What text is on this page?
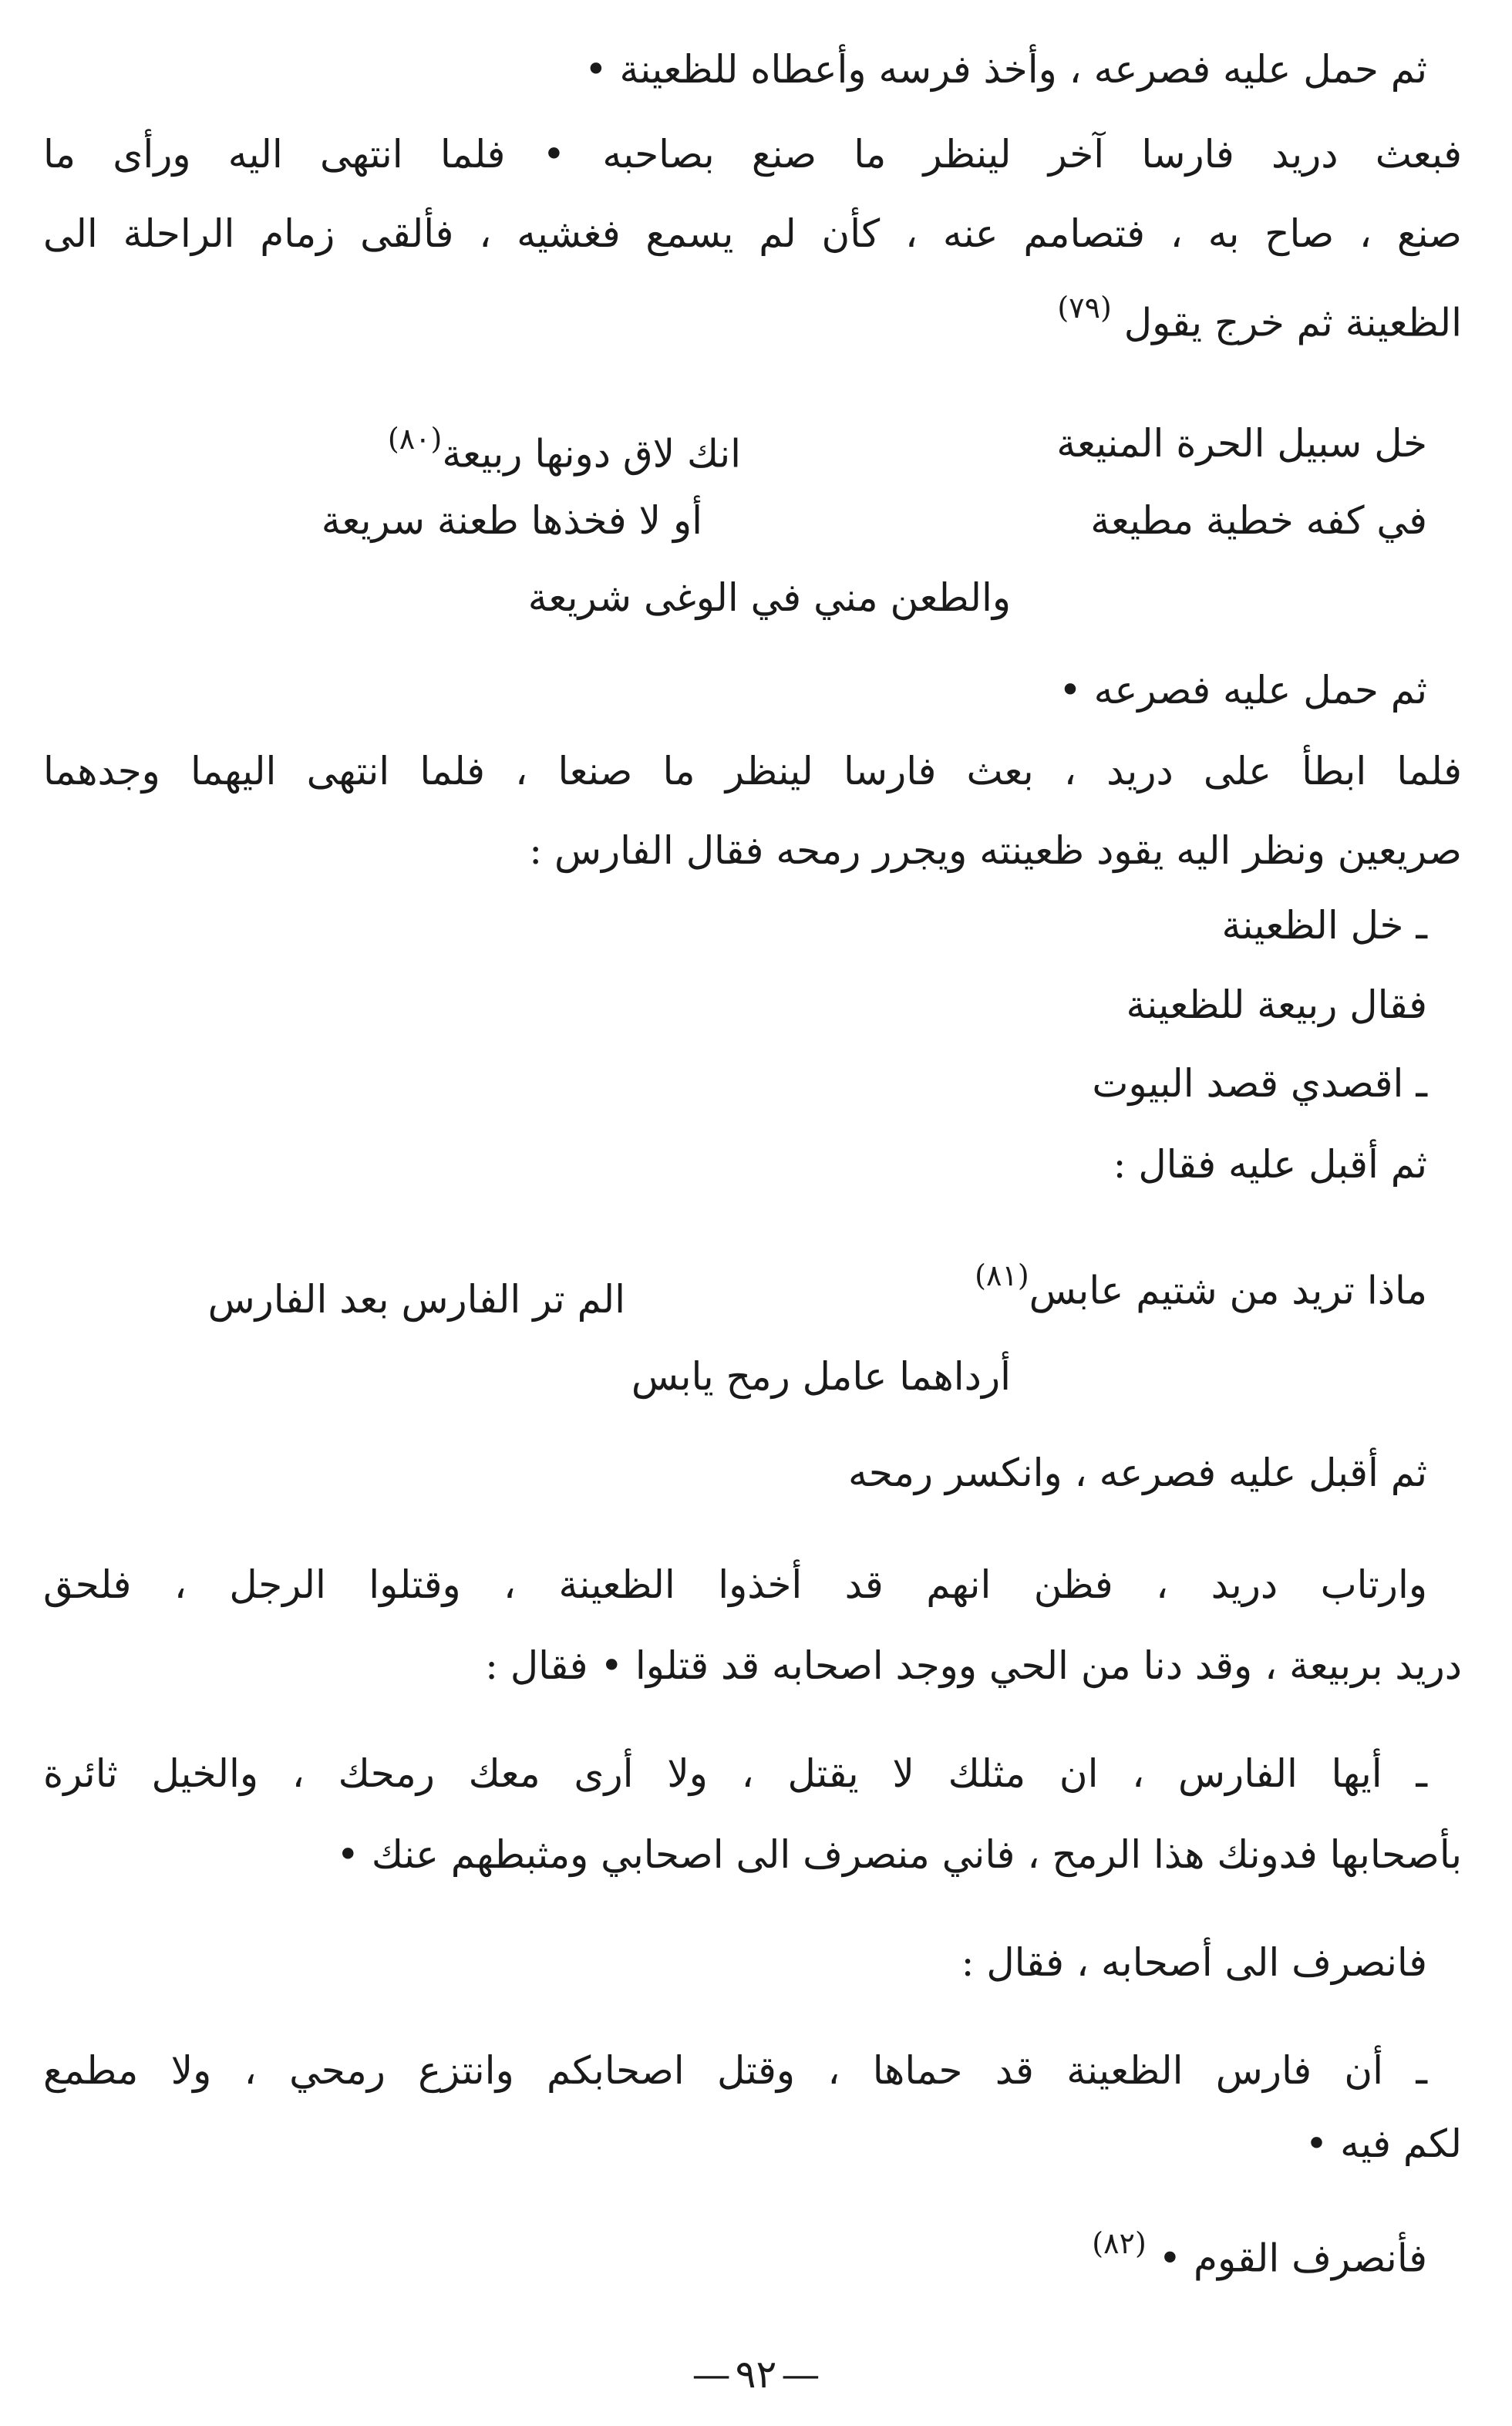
ثم حمل عليه فصرعه ، وأخذ فرسه وأعطاه للظعينة •
فبعث دريد فارسا آخر لينظر ما صنع بصاحبه • فلما انتهى اليه ورأى ما
صنع ، صاح به ، فتصامم عنه ، كأن لم يسمع فغشيه ، فألقى زمام الراحلة الى
الظعينة ثم خرج يقول $^{(٧٩)}$
خل سبيل الحرة المنيعة
انك لاق دونها ربيعة$^{(٨٠)}$
في كفه خطية مطيعة
أو لا فخذها طعنة سريعة
والطعن مني في الوغى شريعة
ثم حمل عليه فصرعه •
فلما ابطأ على دريد ، بعث فارسا لينظر ما صنعا ، فلما انتهى اليهما وجدهما
صريعين ونظر اليه يقود ظعينته ويجرر رمحه فقال الفارس :
ـ خل الظعينة
فقال ربيعة للظعينة
ـ اقصدي قصد البيوت
ثم أقبل عليه فقال :
ماذا تريد من شتيم عابس$^{(٨١)}$
الم تر الفارس بعد الفارس
أرداهما عامل رمح يابس
ثم أقبل عليه فصرعه ، وانكسر رمحه
وارتاب دريد ، فظن انهم قد أخذوا الظعينة ، وقتلوا الرجل ، فلحق
دريد بربيعة ، وقد دنا من الحي ووجد اصحابه قد قتلوا • فقال :
ـ أيها الفارس ، ان مثلك لا يقتل ، ولا أرى معك رمحك ، والخيل ثائرة
بأصحابها فدونك هذا الرمح ، فاني منصرف الى اصحابي ومثبطهم عنك •
فانصرف الى أصحابه ، فقال :
ـ أن فارس الظعينة قد حماها ، وقتل اصحابكم وانتزع رمحي ، ولا مطمع
لكم فيه •
فأنصرف القوم • $^{(٨٢)}$
—٩٢—
